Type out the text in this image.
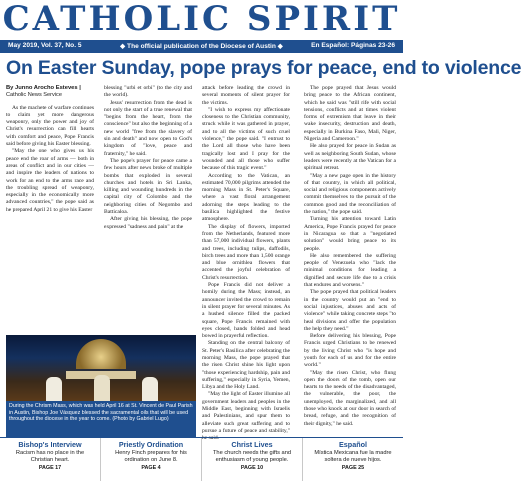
CATHOLIC SPIRIT
May 2019, Vol. 37, No. 5	◆ The official publication of the Diocese of Austin ◆	En Español: Páginas 23-26
On Easter Sunday, pope prays for peace, end to violence
By Junno Arocho Esteves |
Catholic News Service

As the machete of warfare continues to claim yet more dangerous weaponry, only the power and joy of Christ's resurrection can fill hearts with comfort and peace, Pope Francis said before giving his Easter blessing.

"May the one who gives us his peace end the roar of arms — both in areas of conflict and in our cities — and inspire the leaders of nations to work for an end to the arms race and the troubling spread of weaponry, especially in the economically more advanced countries," the pope said as he prepared April 21 to give his Easter

blessing "urbi et orbi" (to the city and the world).

Jesus' resurrection from the dead is not only the start of a true renewal that "begins from the heart, from the conscience" but also the beginning of a new world "free from the slavery of sin and death" and now open to God's kingdom of "love, peace and fraternity," he said.

The pope's prayer for peace came a few hours after news broke of multiple bombs that exploded in several churches and hotels in Sri Lanka, killing and wounding hundreds in the capital city of Colombo and the neighboring cities of Negombo and Batticaloa.

After giving his blessing, the pope expressed "sadness and pain" at the

attack before leading the crowd in several moments of silent prayer for the victims.

"I wish to express my affectionate closeness to the Christian community, struck while it was gathered in prayer, and to all the victims of such cruel violence," the pope said. "I entrust to the Lord all those who have been tragically lost and I pray for the wounded and all those who suffer because of this tragic event."

According to the Vatican, an estimated 70,000 pilgrims attended the morning Mass in St. Peter's Square, where a vast floral arrangement adorning the steps leading to the basilica highlighted the festive atmosphere.

The display of flowers, imported from the Netherlands, featured more than 57,000 individual flowers, plants and trees, including tulips, daffodils, birch trees and more than 1,500 orange and blue ornithlea flowers that accented the joyful celebration of Christ's resurrection.

Pope Francis did not deliver a homily during the Mass; instead, an announcer invited the crowd to remain in silent prayer for several minutes. As a hushed silence filled the packed square, Pope Francis remained with eyes closed, hands folded and head bowed in prayerful reflection.

Standing on the central balcony of St. Peter's Basilica after celebrating the morning Mass, the pope prayed that the risen Christ shine his light upon "those experiencing hardship, pain and suffering," especially in Syria, Yemen, Libya and the Holy Land.

"May the light of Easter illumine all government leaders and peoples in the Middle East, beginning with Israelis and Palestinians, and spur them to alleviate such great suffering and to pursue a future of peace and stability," he said.

The pope prayed that Jesus would bring peace to the African continent, which he said was "still rife with social tensions, conflicts and at times violent forms of extremism that leave in their wake insecurity, destruction and death, especially in Burkina Faso, Mali, Niger, Nigeria and Cameroon."

He also prayed for peace in Sudan as well as neighboring South Sudan, whose leaders were recently at the Vatican for a spiritual retreat.

"May a new page open in the history of that country, in which all political, social and religious components actively commit themselves to the pursuit of the common good and the reconciliation of the nation," the pope said.

Turning his attention toward Latin America, Pope Francis prayed for peace in Nicaragua so that a "negotiated solution" would bring peace to its people.

He also remembered the suffering people of Venezuela who "lack the minimal conditions for leading a dignified and secure life due to a crisis that endures and worsens."

The pope prayed that political leaders in the country would put an "end to social injustices, abuses and acts of violence" while taking concrete steps "to heal divisions and offer the population the help they need."

Before delivering his blessing, Pope Francis urged Christians to be renewed by the living Christ who "is hope and youth for each of us and for the entire world."

"May the risen Christ, who flung open the doors of the tomb, open our hearts to the needs of the disadvantaged, the vulnerable, the poor, the unemployed, the marginalized, and all those who knock at our door in search of bread, refuge, and the recognition of their dignity," he said.

During the Chrism Mass, which was held April 16 at St. Vincent de Paul Parish in Austin, Bishop Joe Vásquez blessed the sacramental oils that will be used throughout the diocese in the year to come. (Photo by Gabriel Lugo)
Bishop's Interview
Racism has no place in the Christian heart.
PAGE 17
Priestly Ordination
Henry Finch prepares for his ordination on June 8.
PAGE 4
Christ Lives
The church needs the gifts and enthusiasm of young people.
PAGE 10
Español
Mística Mexicana fue la madre soltera de nueve hijos.
PAGE 25
